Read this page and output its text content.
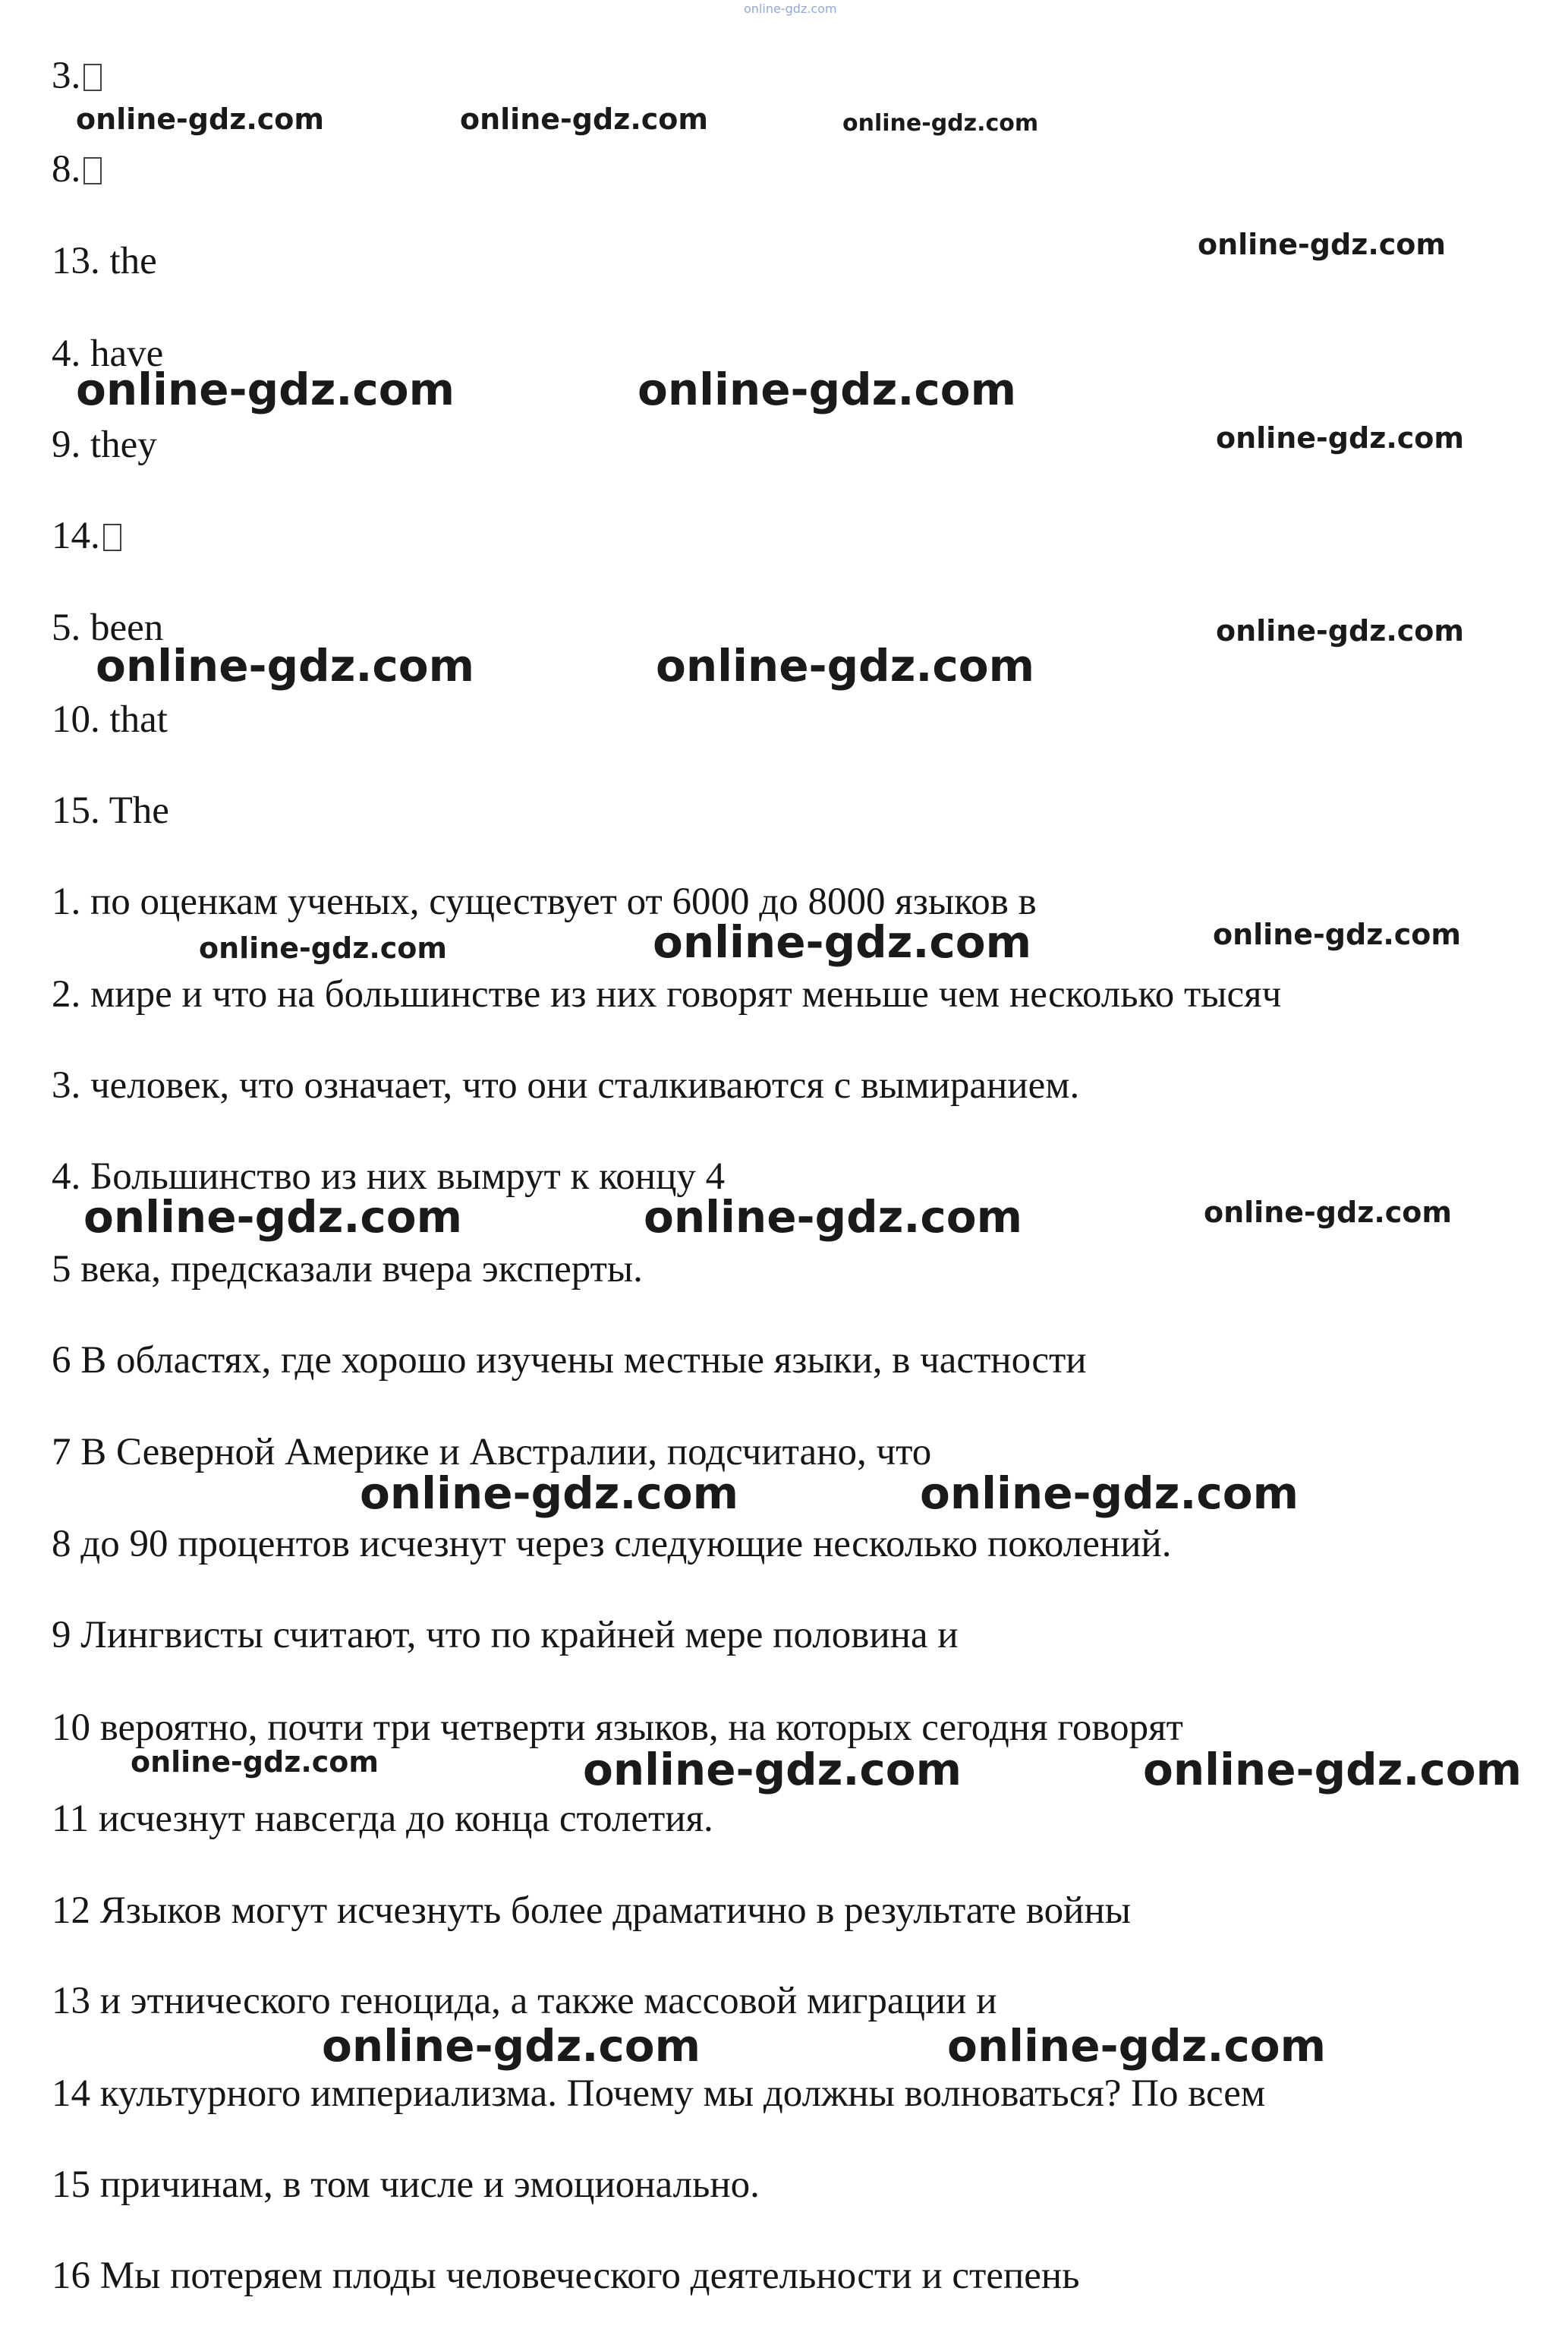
online-gdz.com
3.
8.
13. the
4. have
9. they
14.
5. been
10. that
15. The
1. по оценкам ученых, существует от 6000 до 8000 языков в
2. мире и что на большинстве из них говорят меньше чем несколько тысяч
3. человек, что означает, что они сталкиваются с вымиранием.
4. Большинство из них вымрут к концу 4
5 века, предсказали вчера эксперты.
6 В областях, где хорошо изучены местные языки, в частности
7 В Северной Америке и Австралии, подсчитано, что
8 до 90 процентов исчезнут через следующие несколько поколений.
9 Лингвисты считают, что по крайней мере половина и
10 вероятно, почти три четверти языков, на которых сегодня говорят
11 исчезнут навсегда до конца столетия.
12 Языков могут исчезнуть более драматично в результате войны
13 и этнического геноцида, а также массовой миграции и
14 культурного империализма. Почему мы должны волноваться? По всем
15 причинам, в том числе и эмоционально.
16 Мы потеряем плоды человеческого деятельности и степень
online-gdz.com	online-gdz.com	online-gdz.com
online-gdz.com
online-gdz.com	online-gdz.com
online-gdz.com
online-gdz.com
online-gdz.com	online-gdz.com
online-gdz.com	online-gdz.com	online-gdz.com
online-gdz.com	online-gdz.com	online-gdz.com
online-gdz.com	online-gdz.com
online-gdz.com	online-gdz.com	online-gdz.com
online-gdz.com	online-gdz.com
